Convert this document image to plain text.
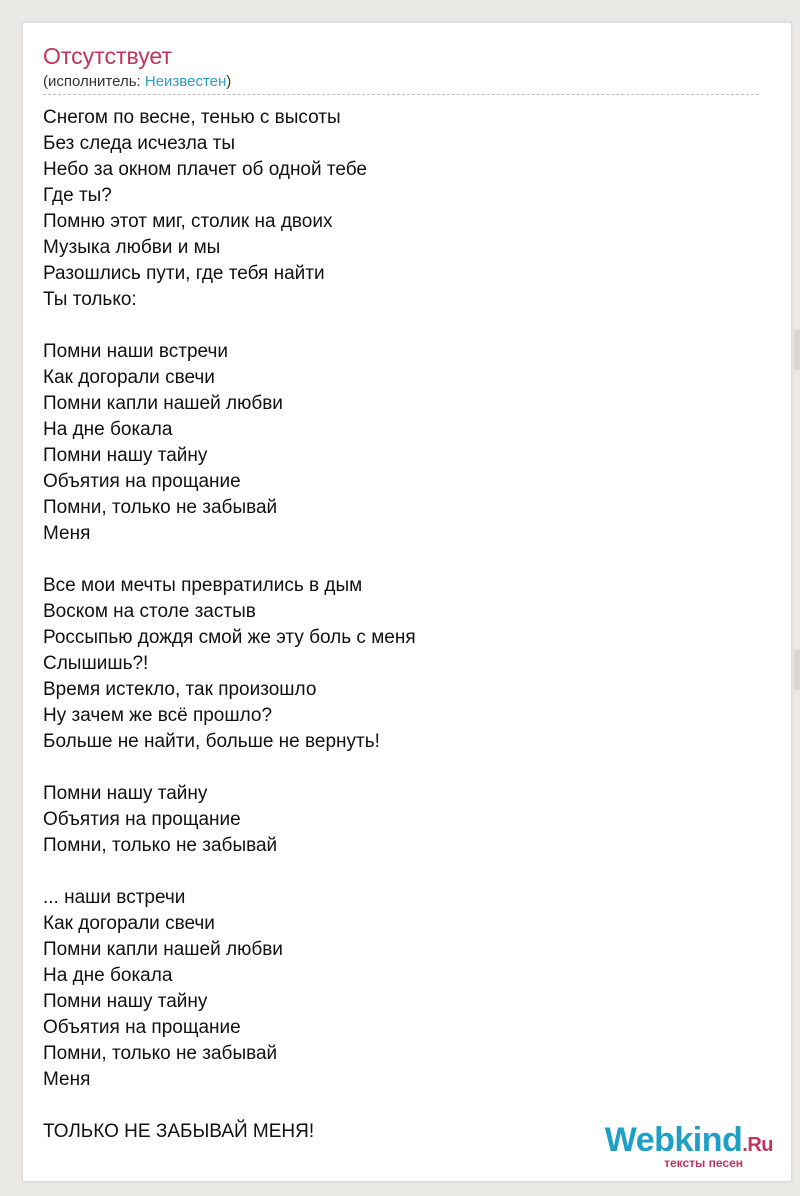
Отсутствует
(исполнитель: Неизвестен)
Снегом по весне, тенью с высоты
Без следа исчезла ты
Небо за окном плачет об одной тебе
Где ты?
Помню этот миг, столик на двоих
Музыка любви и мы
Разошлись пути, где тебя найти
Ты только:
Помни наши встречи
Как догорали свечи
Помни капли нашей любви
На дне бокала
Помни нашу тайну
Объятия на прощание
Помни, только не забывай
Меня
Все мои мечты превратились в дым
Воском на столе застыв
Россыпью дождя смой же эту боль с меня
Слышишь?!
Время истекло, так произошло
Ну зачем же всё прошло?
Больше не найти, больше не вернуть!
Помни нашу тайну
Объятия на прощание
Помни, только не забывай
... наши встречи
Как догорали свечи
Помни капли нашей любви
На дне бокала
Помни нашу тайну
Объятия на прощание
Помни, только не забывай
Меня
ТОЛЬКО НЕ ЗАБЫВАЙ МЕНЯ!	Webkind.Ru
тексты песен
